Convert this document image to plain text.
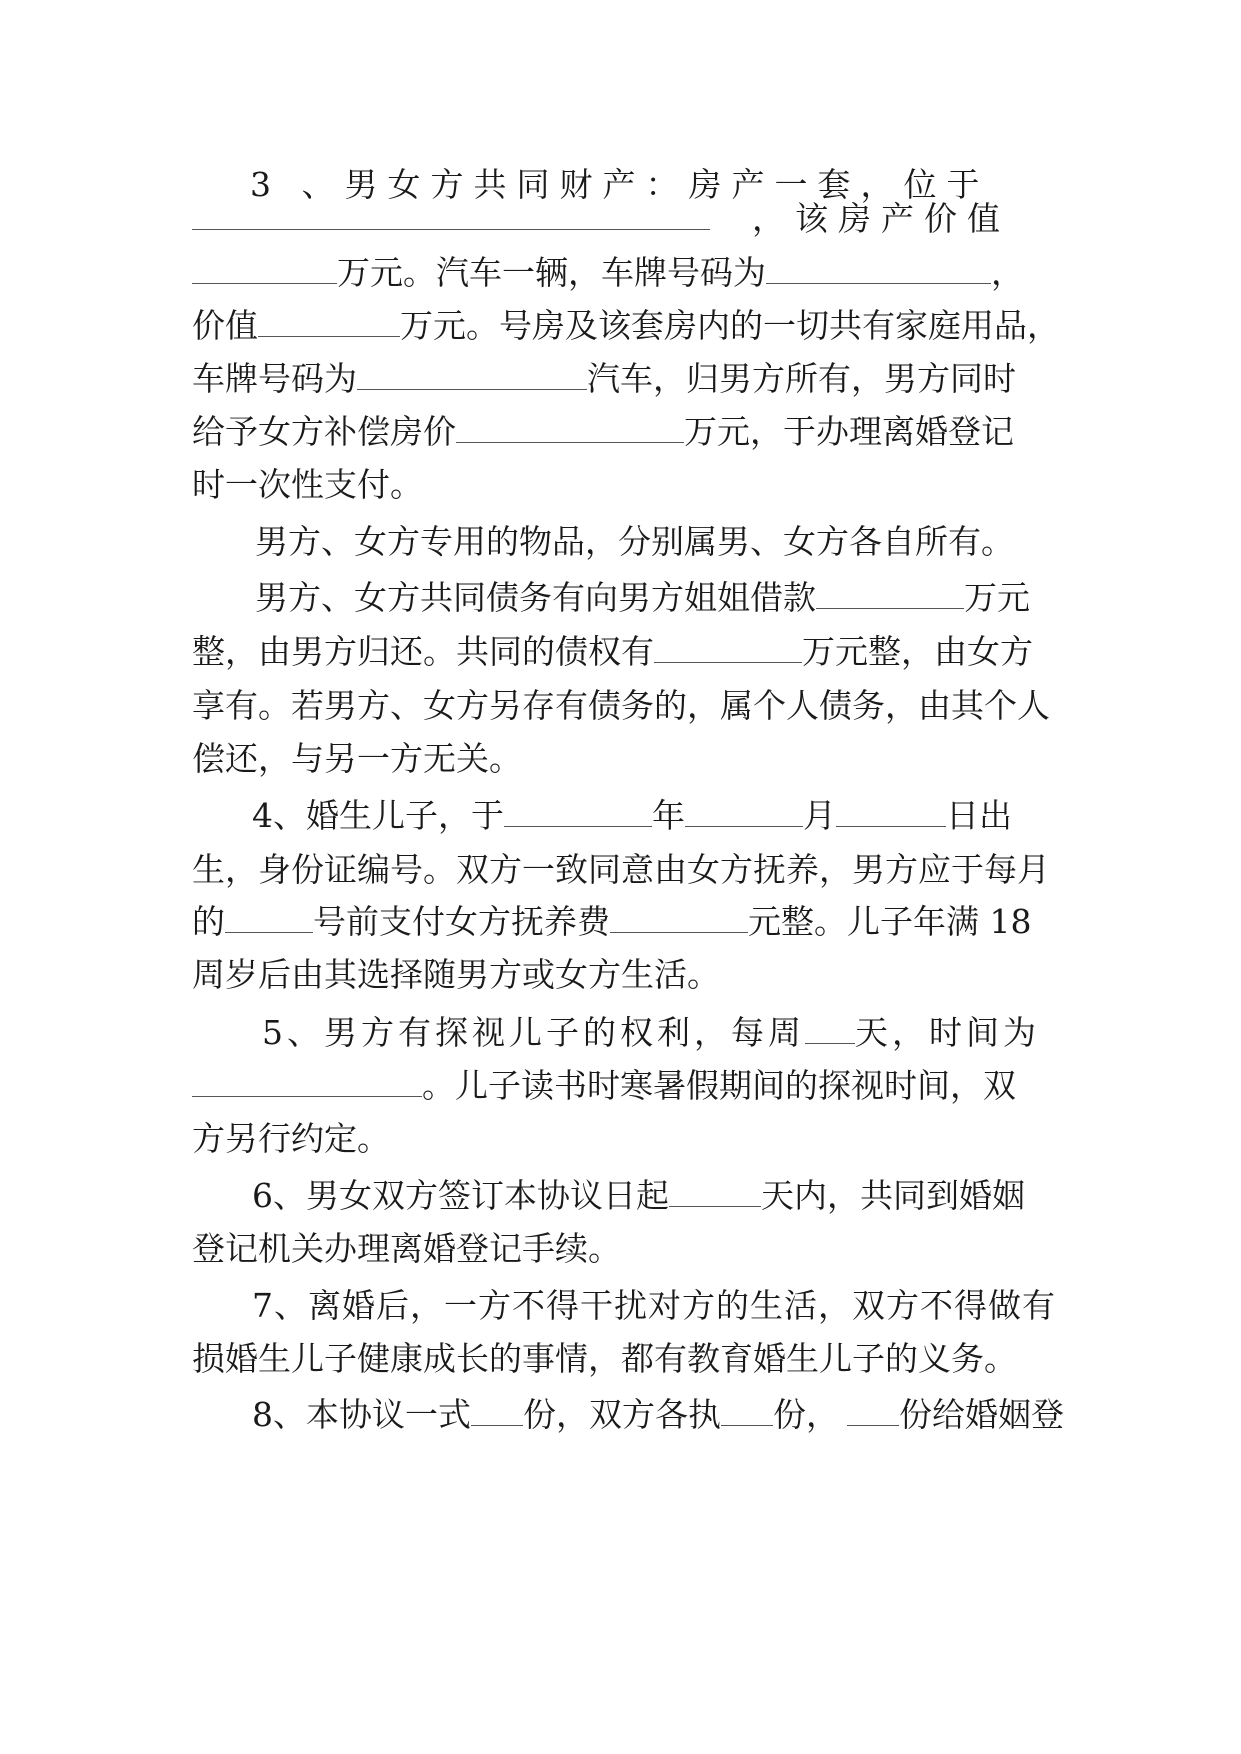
3 、男女方共同财产：房产一套，位于
，该房产价值
万元。汽车一辆，车牌号码为	，
价值	万元。号房及该套房内的一切共有家庭用品，
车牌号码为	汽车，归男方所有，男方同时
给予女方补偿房价	万元，于办理离婚登记
时一次性支付。
男方、女方专用的物品，分别属男、女方各自所有。
男方、女方共同债务有向男方姐姐借款	万元
整，由男方归还。共同的债权有	万元整，由女方
享有。若男方、女方另存有债务的，属个人债务，由其个人
偿还，与另一方无关。
4、婚生儿子，于	年	月	日出
生，身份证编号。双方一致同意由女方抚养，男方应于每月
的	号前支付女方抚养费	元整。儿子年满 18
周岁后由其选择随男方或女方生活。
5、男方有探视儿子的权利，每周 天，时间为
。儿子读书时寒暑假期间的探视时间，双
方另行约定。
6、男女双方签订本协议日起	天内，共同到婚姻
登记机关办理离婚登记手续。
7、离婚后，一方不得干扰对方的生活，双方不得做有
损婚生儿子健康成长的事情，都有教育婚生儿子的义务。
8、本协议一式 份，双方各执 份， 份给婚姻登
